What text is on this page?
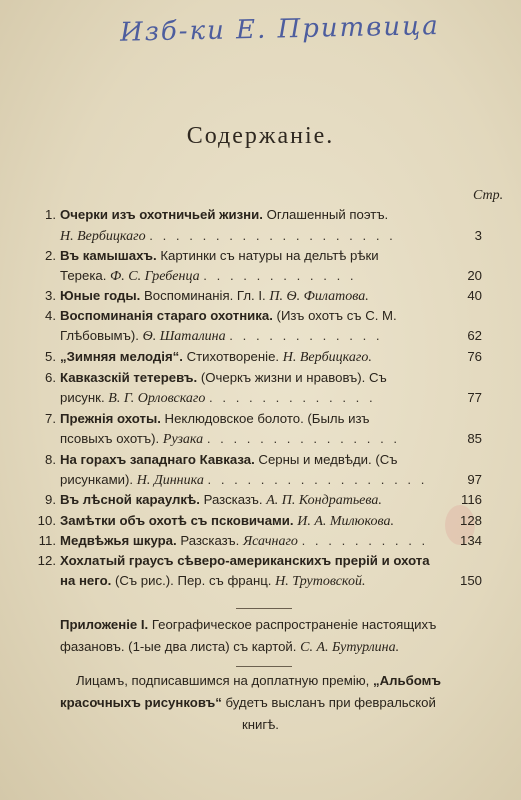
Изб-ки Е. Притвица
Содержаніе.
Стр.
1. Очерки изъ охотничьей жизни. Оглашенный поэтъ.
Н. Вербицкаго . . . . . . . . . . . . . . . . . . .	3
2. Въ камышахъ. Картинки съ натуры на дельтѣ рѣки
Терека. Ф. С. Гребенца . . . . . . . . . . . .	20
3. Юные годы. Воспоминанія. Гл. I. П. Ѳ. Филатова.	40
4. Воспоминанія стараго охотника. (Изъ охотъ съ С. М.
Глѣбовымъ). Ѳ. Шаталина . . . . . . . . . . . .	62
5. „Зимняя мелодія“. Стихотвореніе. Н. Вербицкаго.	76
6. Кавказскій тетеревъ. (Очеркъ жизни и нравовъ). Съ
рисунк. В. Г. Орловскаго . . . . . . . . . . . . .	77
7. Прежнія охоты. Неклюдовское болото. (Быль изъ
псовыхъ охотъ). Рузака . . . . . . . . . . . . . . .	85
8. На горахъ западнаго Кавказа. Серны и медвѣди. (Съ
рисунками). Н. Динника . . . . . . . . . . . . . . . . .	97
9. Въ лѣсной караулкѣ. Разсказъ. А. П. Кондратьева.	116
10. Замѣтки объ охотѣ съ псковичами. И. А. Милюкова.	128
11. Медвѣжья шкура. Разсказъ. Ясачнаго . . . . . . . . . .	134
12. Хохлатый граусъ сѣверо-американскихъ прерій и охота
на него. (Съ рис.). Пер. съ франц. Н. Трутовской.	150
Приложеніе I. Географическое распространеніе настоящихъ
фазановъ. (1-ые два листа) съ картой. С. А. Бутурлина.
Лицамъ, подписавшимся на доплатную премію, „Альбомъ
красочныхъ рисунковъ“ будетъ высланъ при февральской
книгѣ.
